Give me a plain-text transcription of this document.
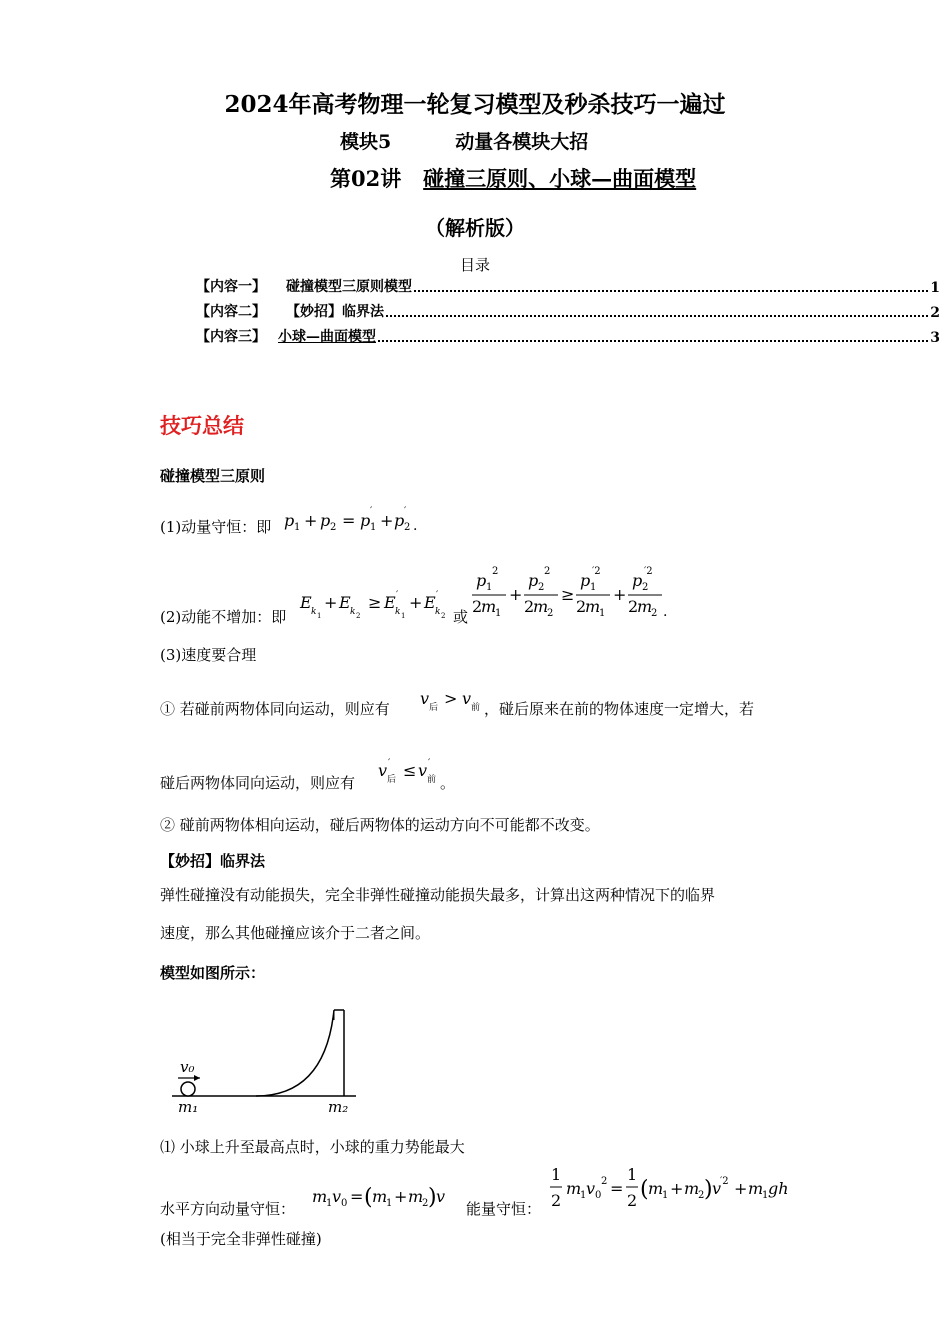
2024年高考物理一轮复习模型及秒杀技巧一遍过
模块5	动量各模块大招
第02讲 碰撞三原则、小球—曲面模型
（解析版）
目录
【内容一】 碰撞模型三原则模型	1
【内容二】 【妙招】临界法	2
【内容三】 小球—曲面模型	3
技巧总结
碰撞模型三原则
(1)动量守恒：即 p 1 + p 2 = p ′
1 + p ′
2 .
(2)动能不增加：即
E k 1
+ E k 2
≥ E ′
k 1
+ E ′
k 2 或
p 1
2
2
m
1
+
p 2
2
2
m
2
≥
p 1
′2
2
m
1
+
p 2
′2
2
m
2 .
(3)速度要合理
① 若碰前两物体同向运动，则应有
v 后 > v 前 ，碰后原来在前的物体速度一定增大，若
碰后两物体同向运动，则应有
v ′
后 ≤ v ′
前 。
② 碰前两物体相向运动，碰后两物体的运动方向不可能都不改变。
【妙招】临界法
弹性碰撞没有动能损失，完全非弹性碰撞动能损失最多，计算出这两种情况下的临界
速度，那么其他碰撞应该介于二者之间。
模型如图所示：
v₀
m₁	m₂
⑴ 小球上升至最高点时，小球的重力势能最大
水平方向动量守恒：
m
1 v 0 = ( m
1 + m
2 ) v
能量守恒：
1
2
m
1 v 0
2 =
1
2 ( m
1 + m
2 ) v
′2 + m
1 gh
(相当于完全非弹性碰撞)
